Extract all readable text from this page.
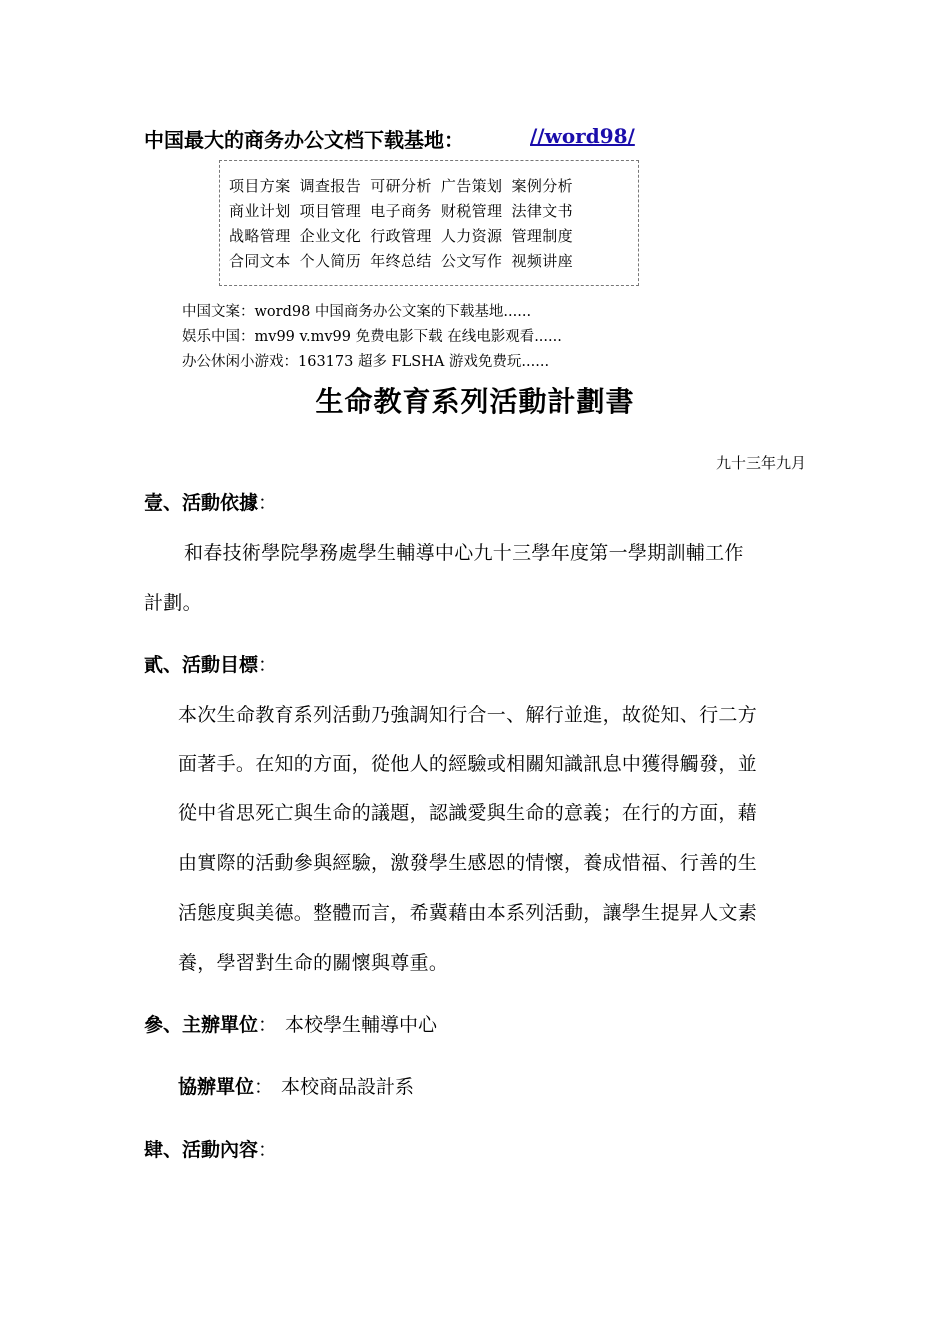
中国最大的商务办公文档下载基地：	//word98/
项目方案 调查报告 可研分析 广告策划 案例分析
商业计划 项目管理 电子商务 财税管理 法律文书
战略管理 企业文化 行政管理 人力资源 管理制度
合同文本 个人简历 年终总结 公文写作 视频讲座
中国文案：word98 中国商务办公文案的下载基地......
娱乐中国：mv99 v.mv99 免费电影下载 在线电影观看......
办公休闲小游戏：163173 超多 FLSHA 游戏免费玩......
生命教育系列活動計劃書
九十三年九月
壹、活動依據：
和春技術學院學務處學生輔導中心九十三學年度第一學期訓輔工作
計劃。
貳、活動目標：
本次生命教育系列活動乃強調知行合一、解行並進，故從知、行二方
面著手。在知的方面，從他人的經驗或相關知識訊息中獲得觸發，並
從中省思死亡與生命的議題，認識愛與生命的意義；在行的方面，藉
由實際的活動參與經驗，激發學生感恩的情懷，養成惜福、行善的生
活態度與美德。整體而言，希冀藉由本系列活動，讓學生提昇人文素
養，學習對生命的關懷與尊重。
參、主辦單位： 本校學生輔導中心
協辦單位： 本校商品設計系
肆、活動內容：
